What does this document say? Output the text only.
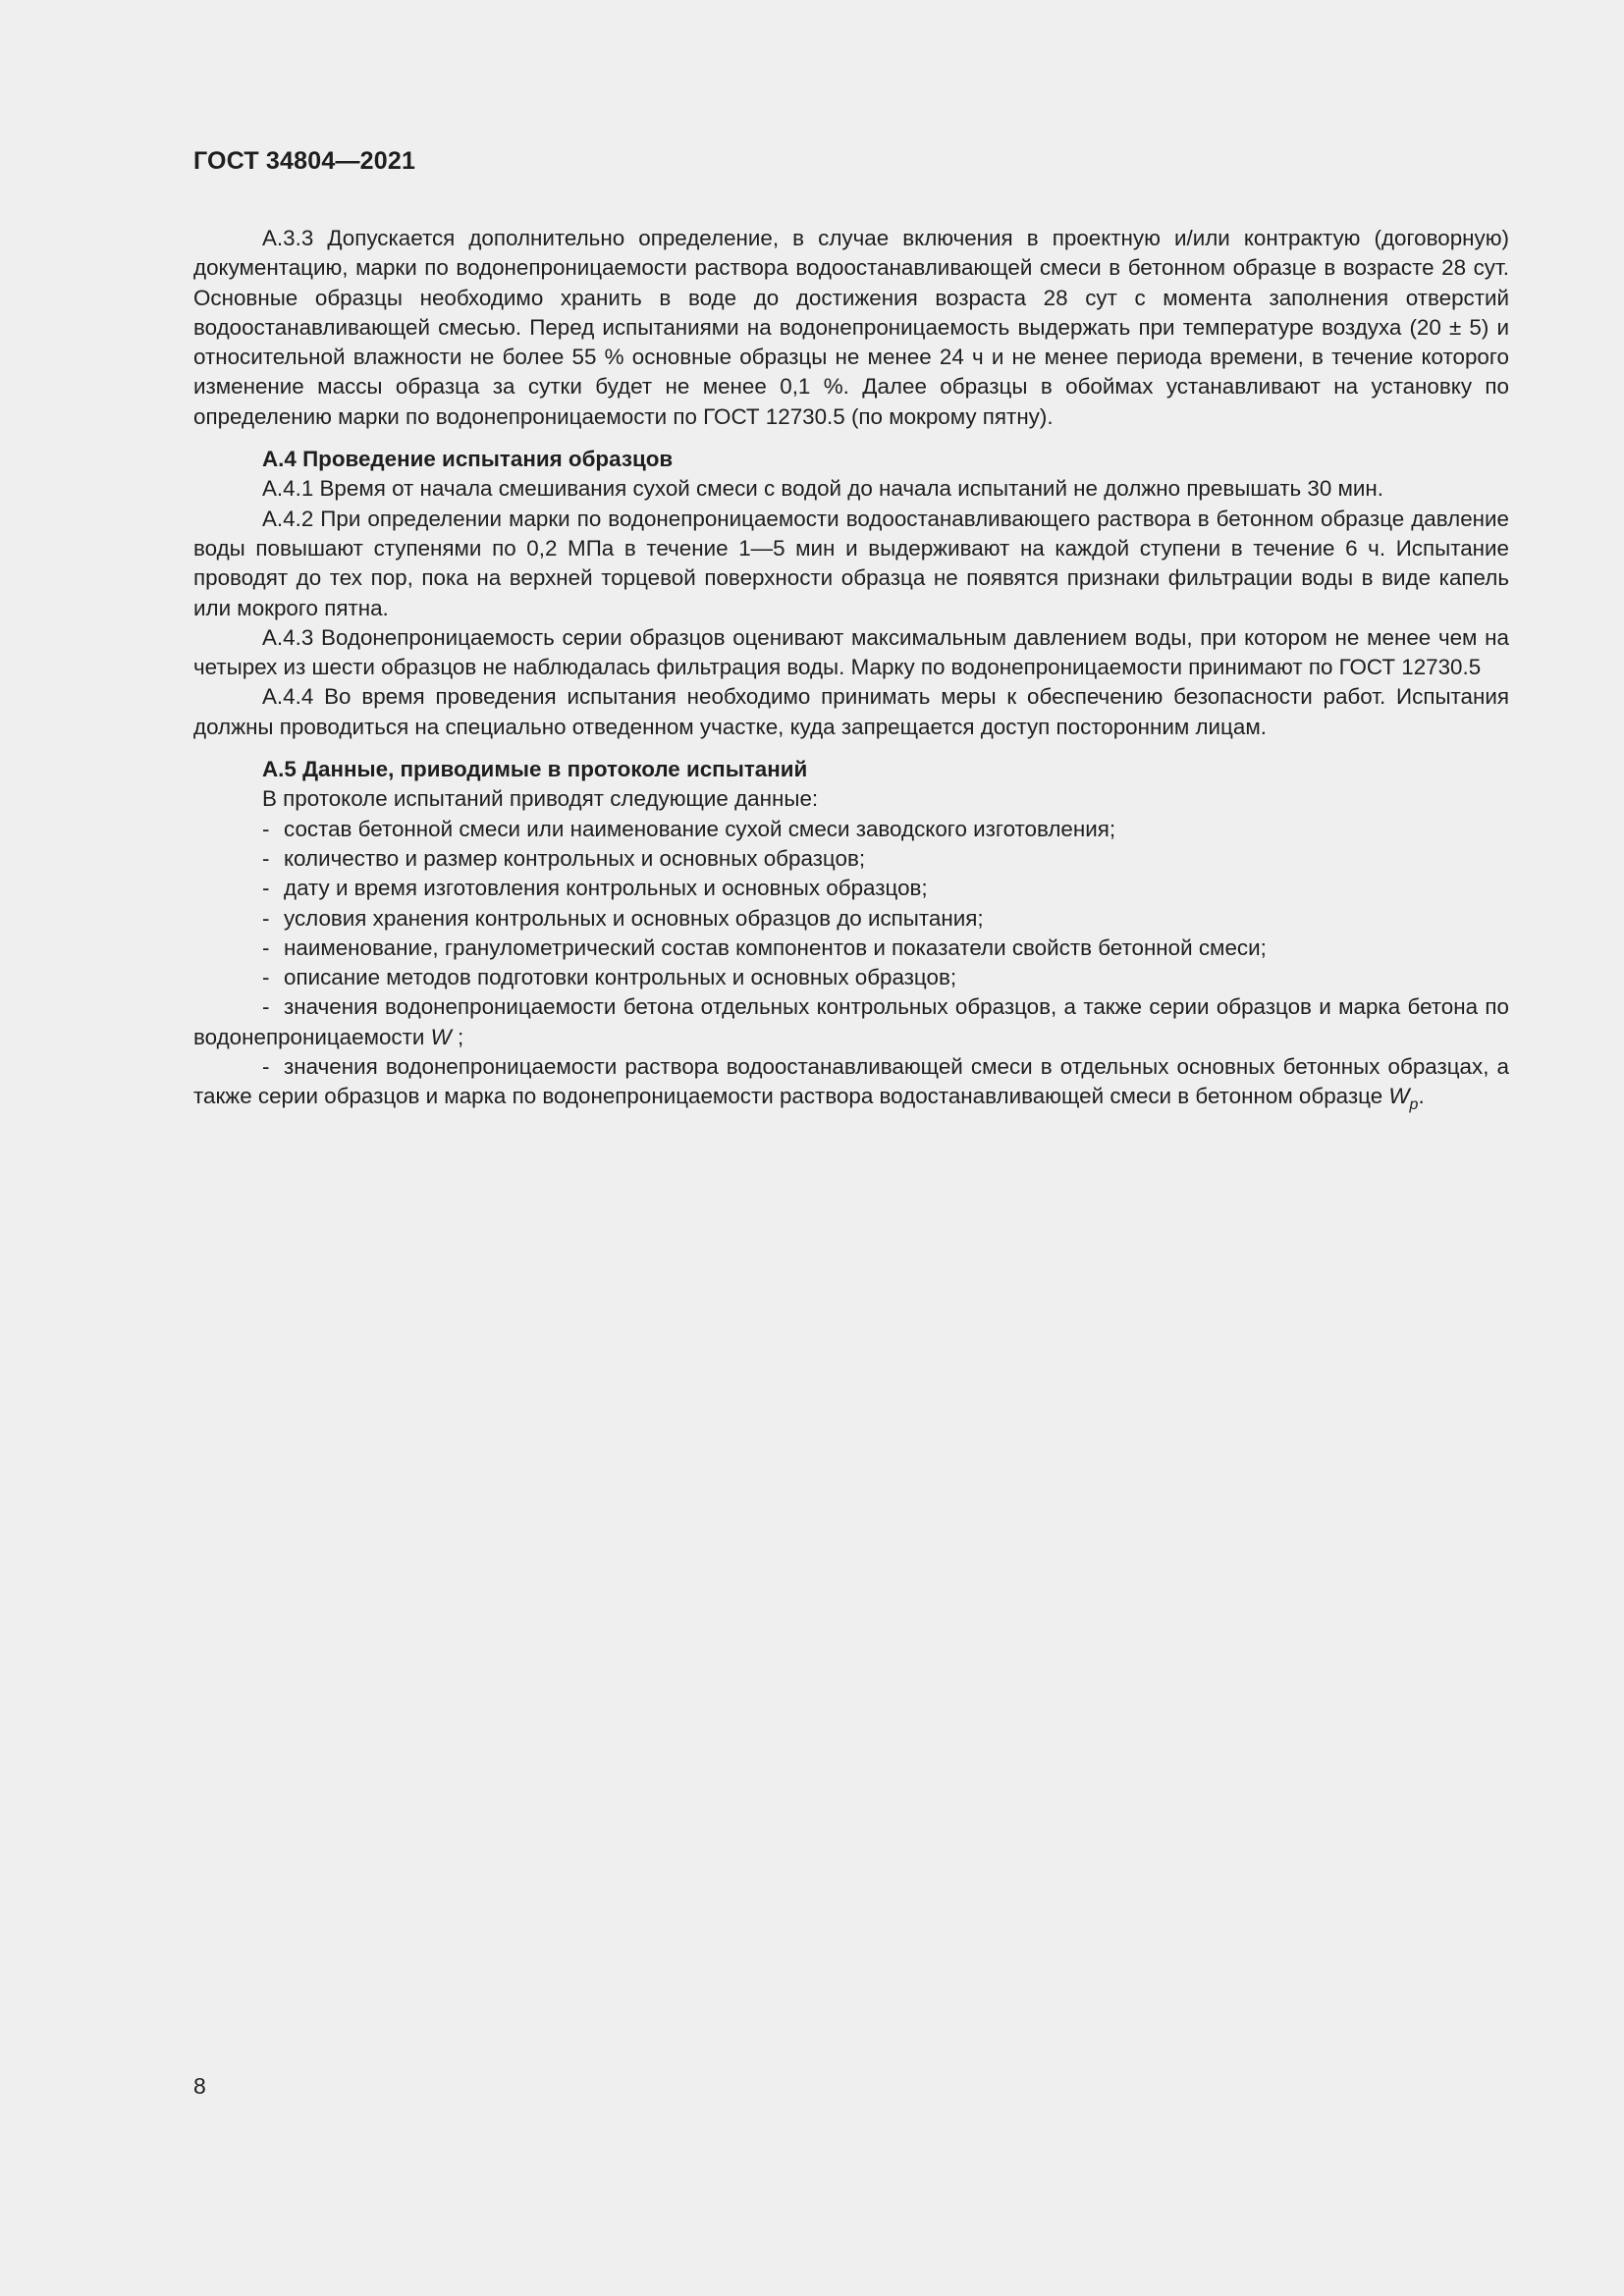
ГОСТ 34804—2021

А.3.3 Допускается дополнительно определение, в случае включения в проектную и/или контрактую (договорную) документацию, марки по водонепроницаемости раствора водоостанавливающей смеси в бетонном образце в возрасте 28 сут. Основные образцы необходимо хранить в воде до достижения возраста 28 сут с момента заполнения отверстий водоостанавливающей смесью. Перед испытаниями на водонепроницаемость выдержать при температуре воздуха (20 ± 5) и относительной влажности не более 55 % основные образцы не менее 24 ч и не менее периода времени, в течение которого изменение массы образца за сутки будет не менее 0,1 %. Далее образцы в обоймах устанавливают на установку по определению марки по водонепроницаемости по ГОСТ 12730.5 (по мокрому пятну).

А.4 Проведение испытания образцов

А.4.1 Время от начала смешивания сухой смеси с водой до начала испытаний не должно превышать 30 мин.

А.4.2 При определении марки по водонепроницаемости водоостанавливающего раствора в бетонном образце давление воды повышают ступенями по 0,2 МПа в течение 1—5 мин и выдерживают на каждой ступени в течение 6 ч. Испытание проводят до тех пор, пока на верхней торцевой поверхности образца не появятся признаки фильтрации воды в виде капель или мокрого пятна.

А.4.3 Водонепроницаемость серии образцов оценивают максимальным давлением воды, при котором не менее чем на четырех из шести образцов не наблюдалась фильтрация воды. Марку по водонепроницаемости принимают по ГОСТ 12730.5

А.4.4 Во время проведения испытания необходимо принимать меры к обеспечению безопасности работ. Испытания должны проводиться на специально отведенном участке, куда запрещается доступ посторонним лицам.

А.5 Данные, приводимые в протоколе испытаний

В протоколе испытаний приводят следующие данные:

- состав бетонной смеси или наименование сухой смеси заводского изготовления;

- количество и размер контрольных и основных образцов;

- дату и время изготовления контрольных и основных образцов;

- условия хранения контрольных и основных образцов до испытания;

- наименование, гранулометрический состав компонентов и показатели свойств бетонной смеси;

- описание методов подготовки контрольных и основных образцов;

- значения водонепроницаемости бетона отдельных контрольных образцов, а также серии образцов и марка бетона по водонепроницаемости W ;

- значения водонепроницаемости раствора водоостанавливающей смеси в отдельных основных бетонных образцах, а также серии образцов и марка по водонепроницаемости раствора водостанавливающей смеси в бетонном образце $W_p$.

8
